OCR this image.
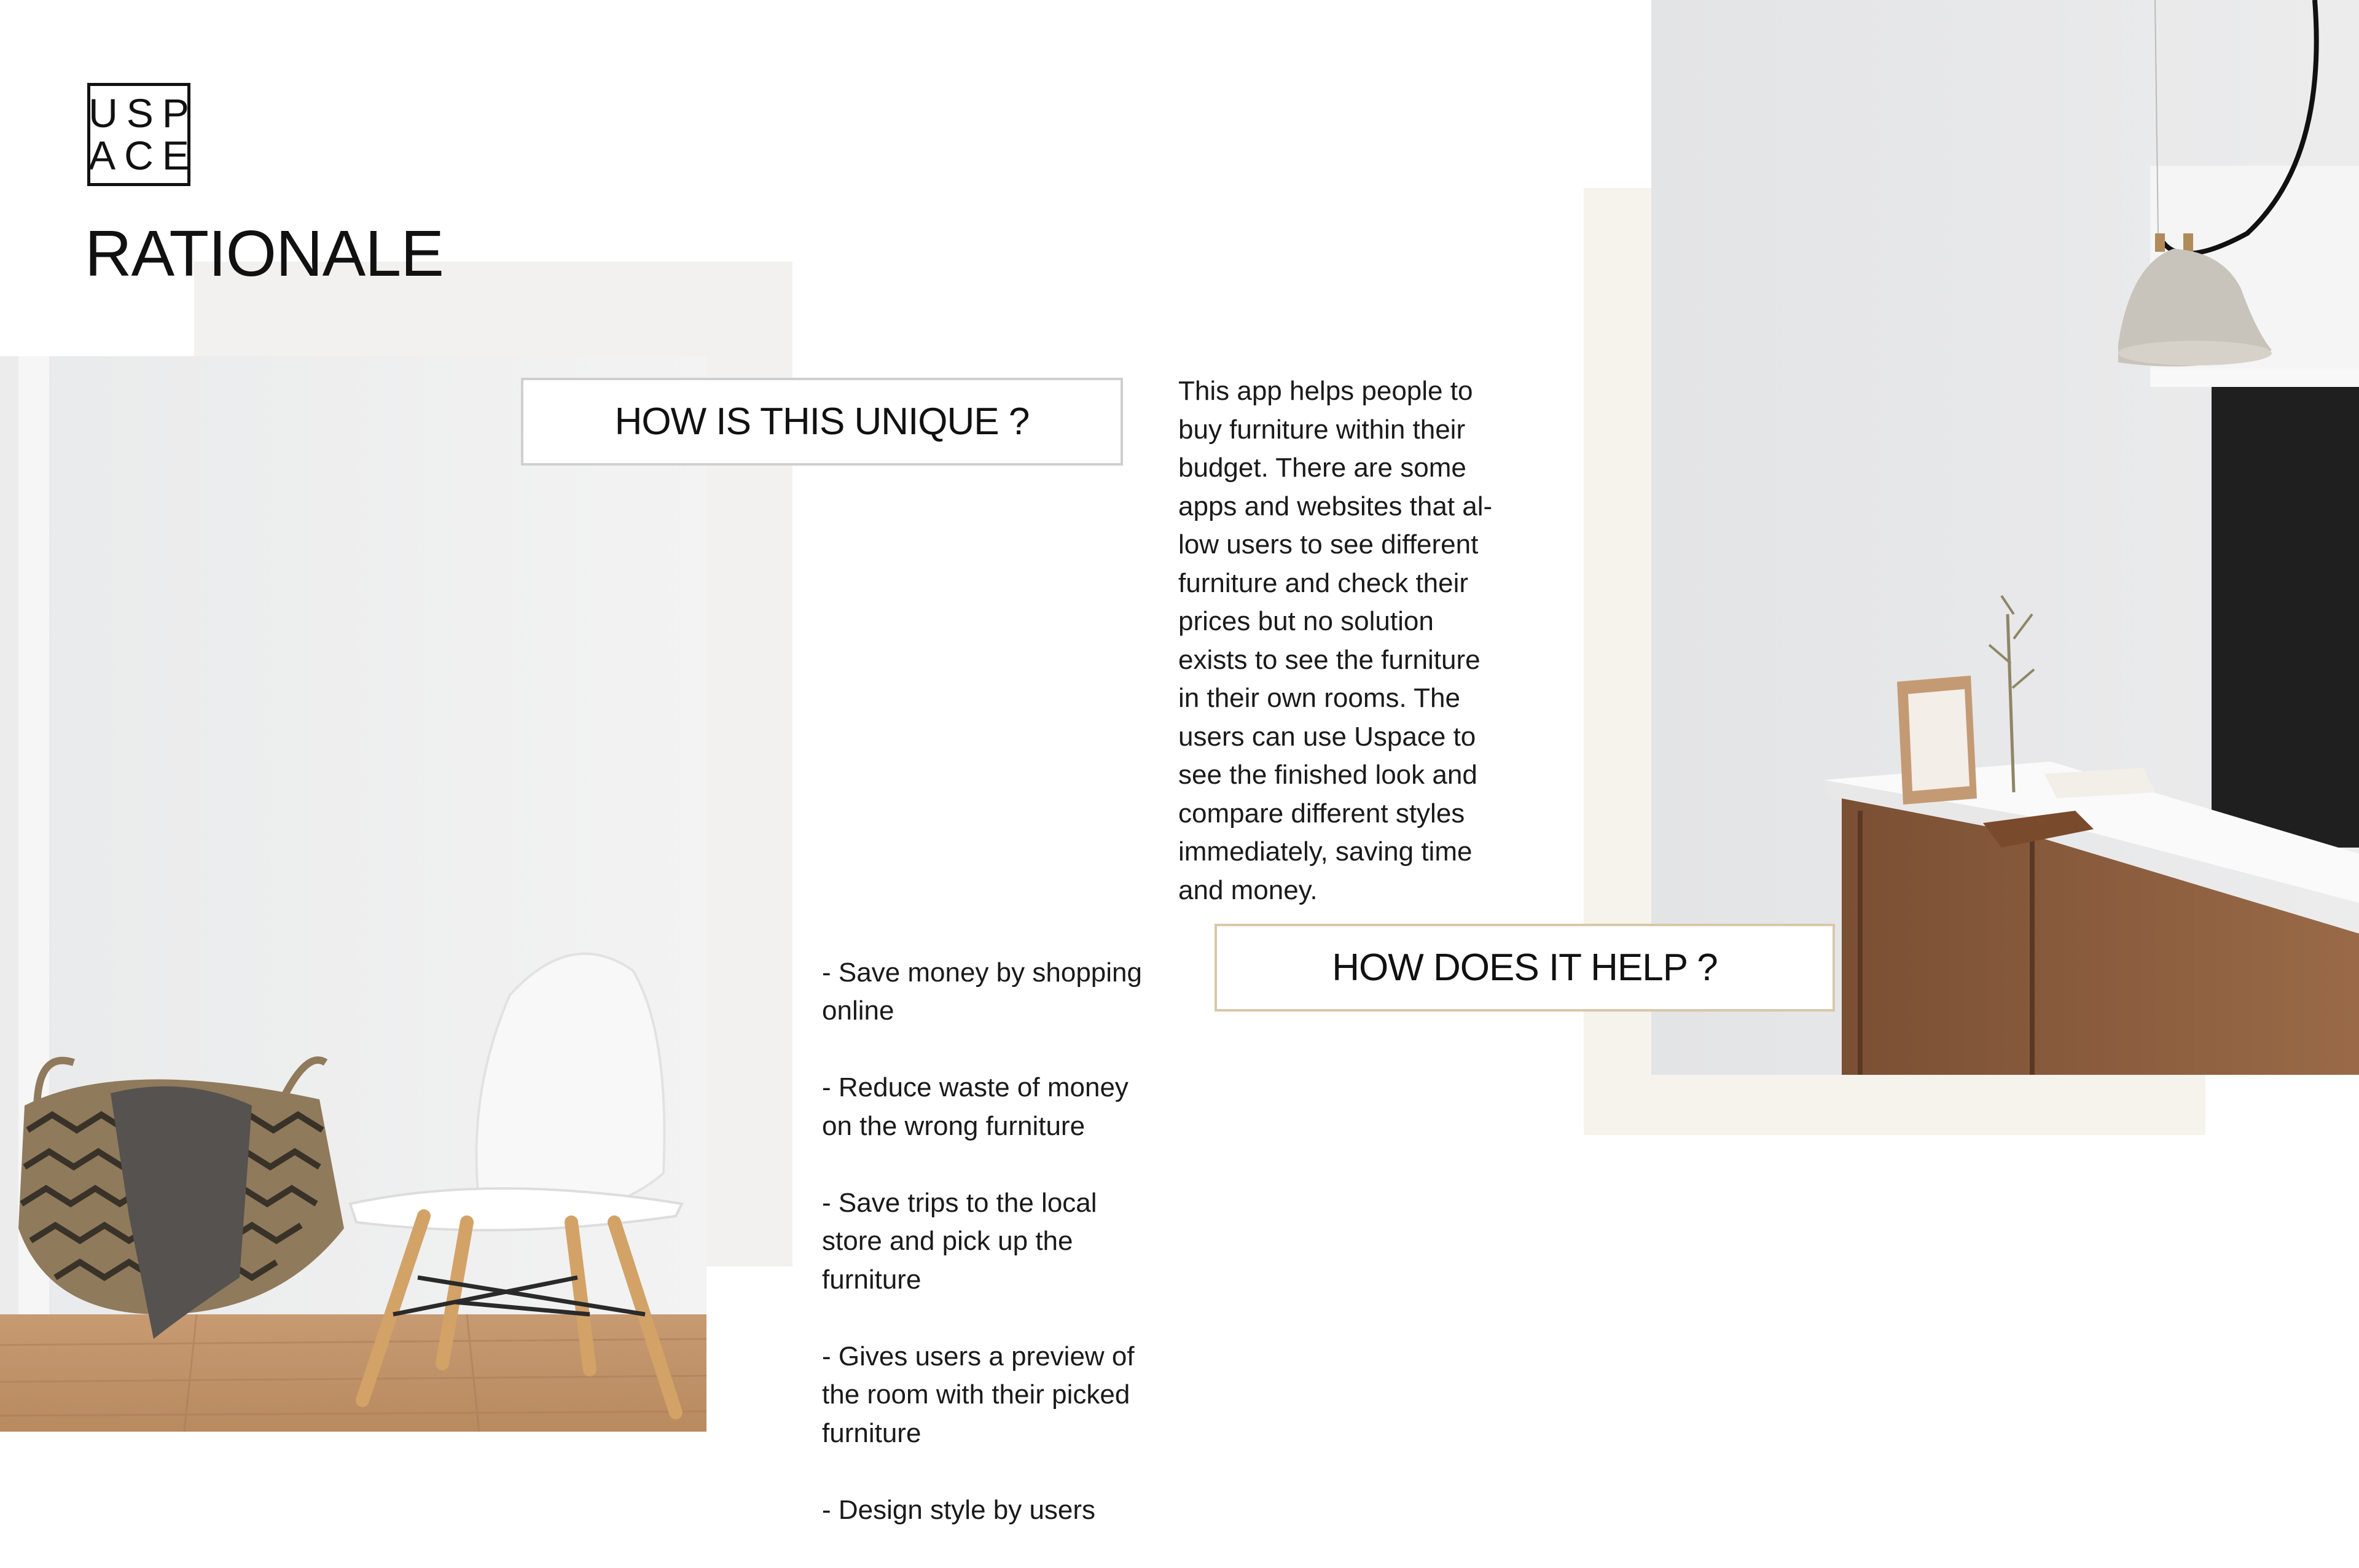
USP
ACE
RATIONALE
HOW IS THIS UNIQUE ?
This app helps people to
buy furniture within their
budget. There are some
apps and websites that al-
low users to see different
furniture and check their
prices but no solution
exists to see the furniture
in their own rooms. The
users can use Uspace to
see the finished look and
compare different styles
immediately, saving time
and money.
HOW DOES IT HELP ?

- Save money by shopping
online

- Reduce waste of money
on the wrong furniture

- Save trips to the local
store and pick up the
furniture

- Gives users a preview of
the room with their picked
furniture

- Design style by users
